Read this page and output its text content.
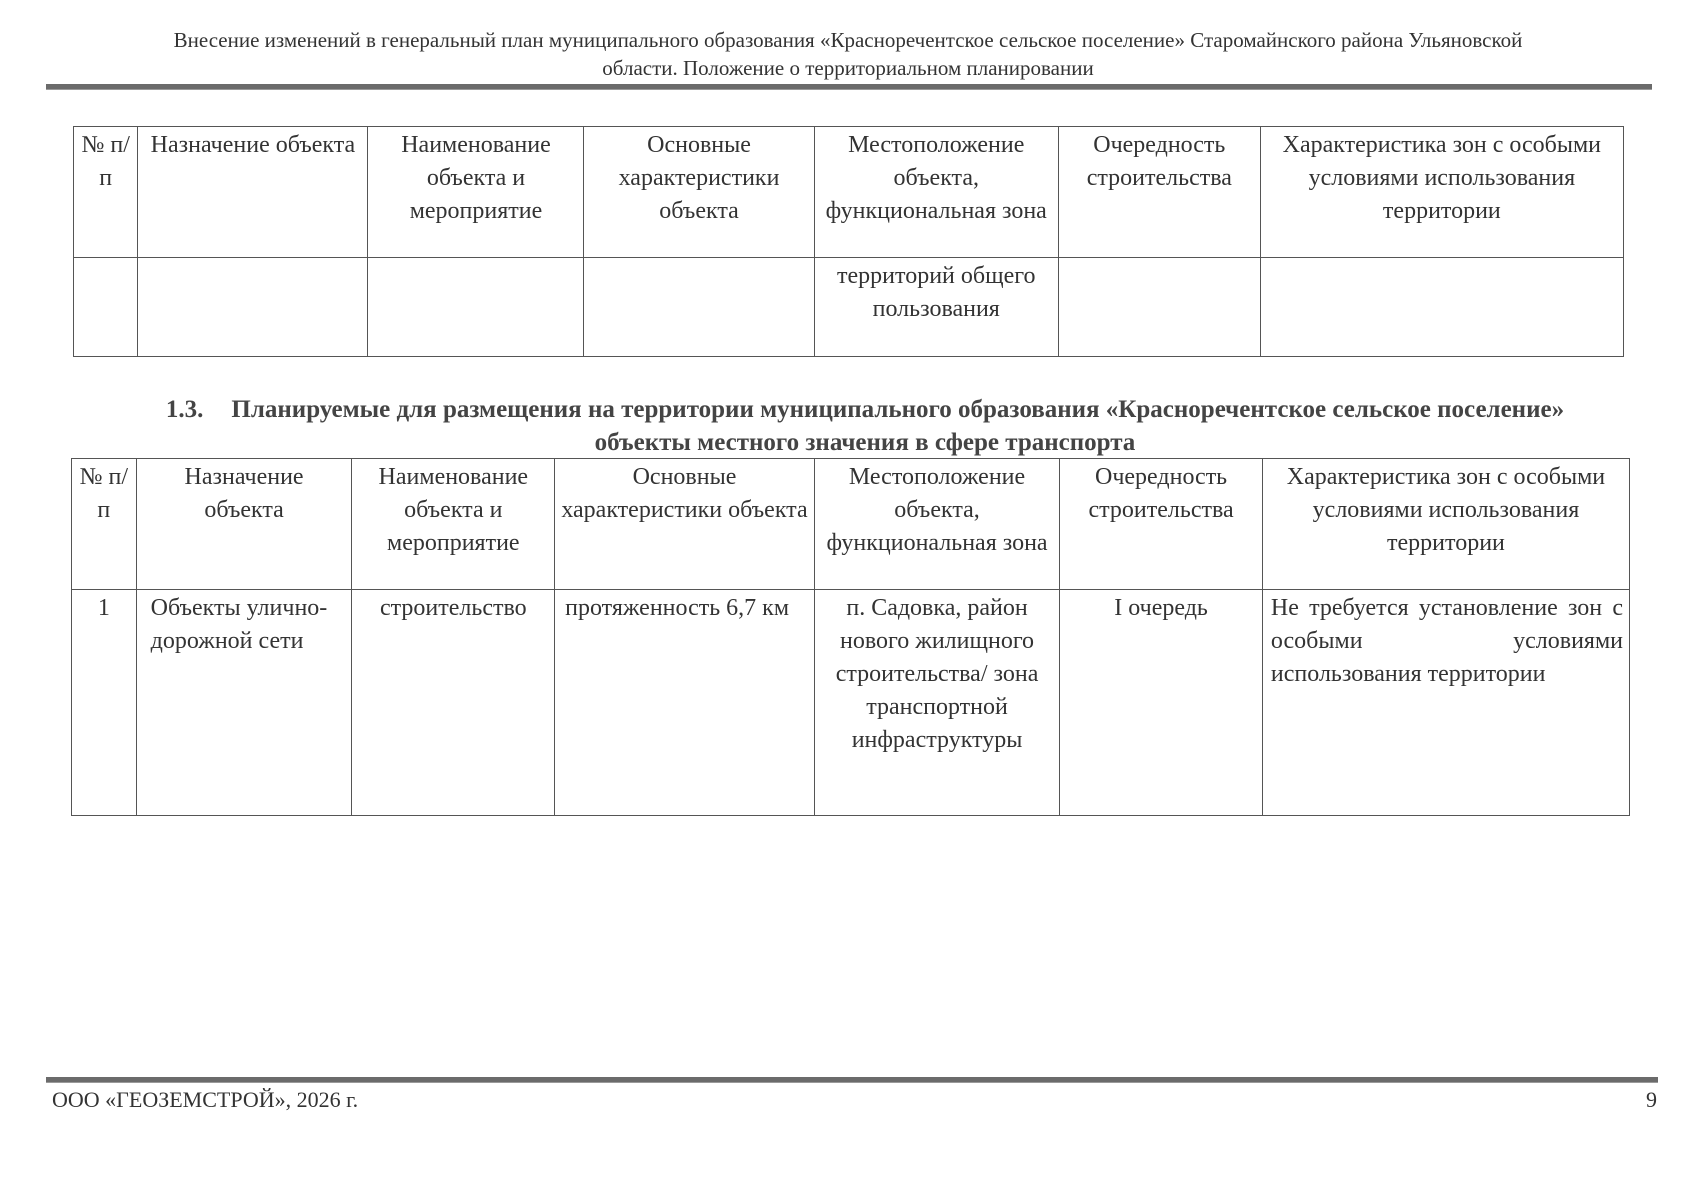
Внесение изменений в генеральный план муниципального образования «Красноречентское сельское поселение» Старомайнского района Ульяновской
области. Положение о территориальном планировании
№ п/п	Назначение объекта	Наименование объекта и мероприятие	Основные характеристики объекта	Местоположение объекта, функциональная зона	Очередность строительства	Характеристика зон с особыми условиями использования территории
				территорий общего пользования		
1.3. Планируемые для размещения на территории муниципального образования «Красноречентское сельское поселение» объекты местного значения в сфере транспорта
№ п/п	Назначение объекта	Наименование объекта и мероприятие	Основные характеристики объекта	Местоположение объекта, функциональная зона	Очередность строительства	Характеристика зон с особыми условиями использования территории
1	Объекты улично-дорожной сети	строительство	протяженность 6,7 км	п. Садовка, район нового жилищного строительства/ зона транспортной инфраструктуры	I очередь	Не требуется установление зон с особыми условиями использования территории
ООО «ГЕОЗЕМСТРОЙ», 2026 г.	9
